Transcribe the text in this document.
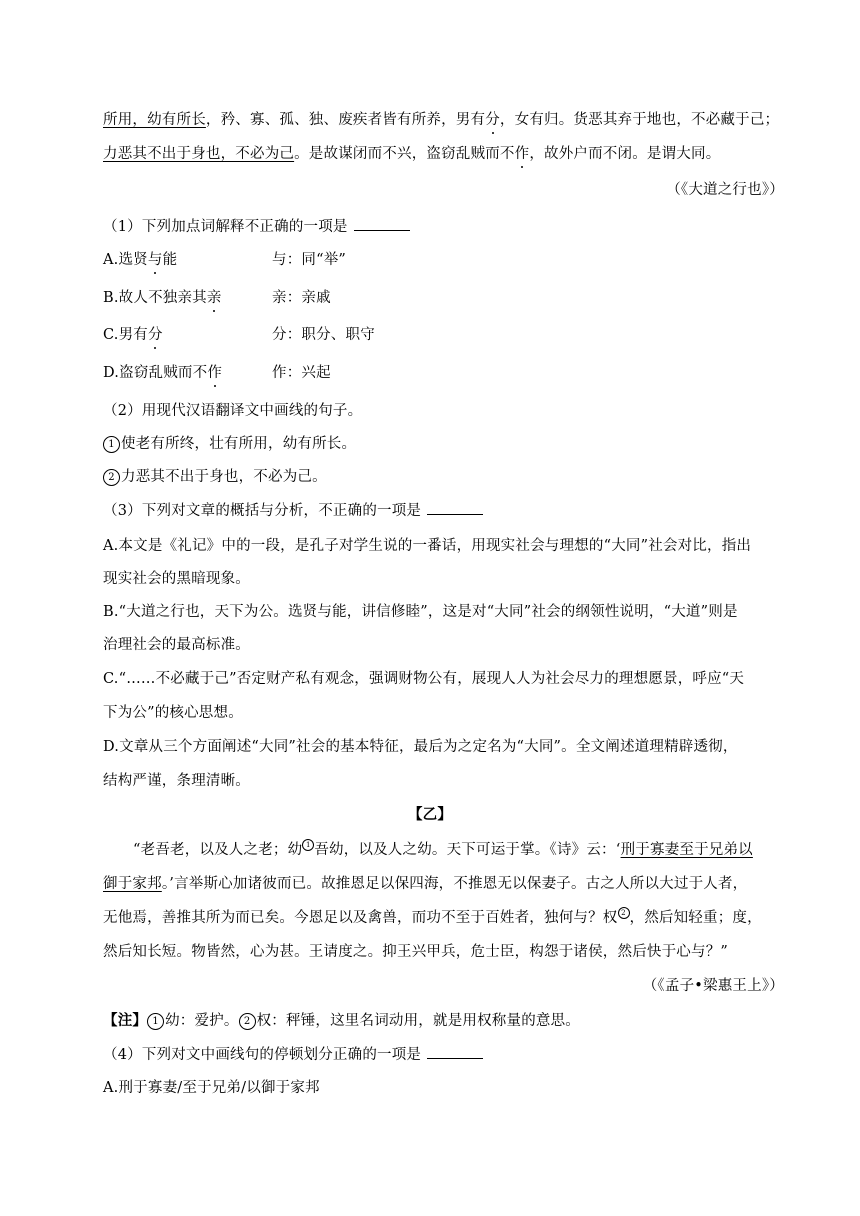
所用，幼有所长，矜、寡、孤、独、废疾者皆有所养，男有分，女有归。货恶其弃于地也，不必藏于己；
力恶其不出于身也，不必为己。是故谋闭而不兴，盗窃乱贼而不作，故外户而不闭。是谓大同。
（《大道之行也》）
（1）下列加点词解释不正确的一项是
A.选贤与能	与：同“举”
B.故人不独亲其亲	亲：亲戚
C.男有分	分：职分、职守
D.盗窃乱贼而不作	作：兴起
（2）用现代汉语翻译文中画线的句子。
1 使老有所终，壮有所用，幼有所长。
2 力恶其不出于身也，不必为己。
（3）下列对文章的概括与分析，不正确的一项是
A.本文是《礼记》中的一段，是孔子对学生说的一番话，用现实社会与理想的“大同”社会对比，指出
现实社会的黑暗现象。
B.“大道之行也，天下为公。选贤与能，讲信修睦”，这是对“大同”社会的纲领性说明，“大道”则是
治理社会的最高标准。
C.“……不必藏于己”否定财产私有观念，强调财物公有，展现人人为社会尽力的理想愿景，呼应“天
下为公”的核心思想。
D.文章从三个方面阐述“大同”社会的基本特征，最后为之定名为“大同”。全文阐述道理精辟透彻，
结构严谨，条理清晰。
【乙】
“老吾老，以及人之老；幼 1 吾幼，以及人之幼。天下可运于掌。《诗》云：‘刑于寡妻至于兄弟以
御于家邦。’言举斯心加诸彼而已。故推恩足以保四海，不推恩无以保妻子。古之人所以大过于人者，
无他焉，善推其所为而已矣。今恩足以及禽兽，而功不至于百姓者，独何与？权 2 ，然后知轻重；度，
然后知长短。物皆然，心为甚。王请度之。抑王兴甲兵，危士臣，构怨于诸侯，然后快于心与？”
（《孟子•梁惠王上》）
【注】 1 幼：爱护。 2 权：秤锤，这里名词动用，就是用权称量的意思。
（4）下列对文中画线句的停顿划分正确的一项是
A.刑于寡妻/至于兄弟/以御于家邦
